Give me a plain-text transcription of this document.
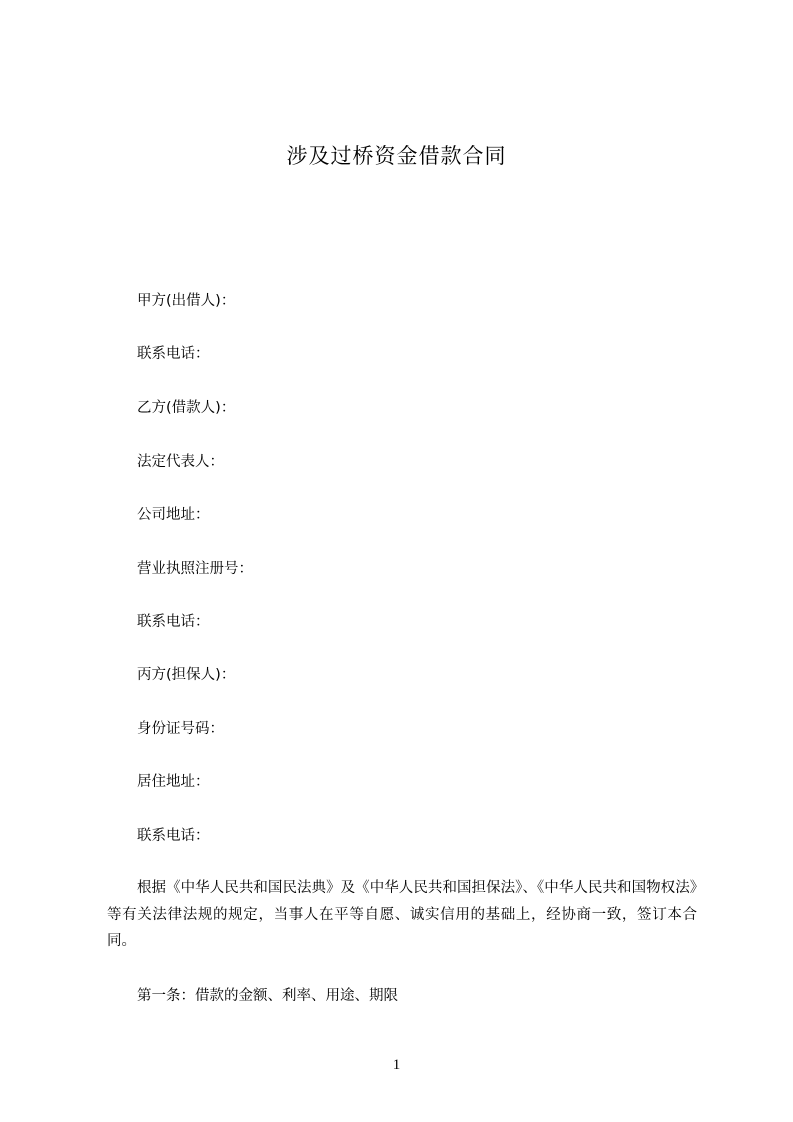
涉及过桥资金借款合同
甲方(出借人)：
联系电话：
乙方(借款人)：
法定代表人：
公司地址：
营业执照注册号：
联系电话：
丙方(担保人)：
身份证号码：
居住地址：
联系电话：
根据《中华人民共和国民法典》及《中华人民共和国担保法》、《中华人民共和国物权法》等有关法律法规的规定，当事人在平等自愿、诚实信用的基础上，经协商一致，签订本合同。
第一条：借款的金额、利率、用途、期限
1
